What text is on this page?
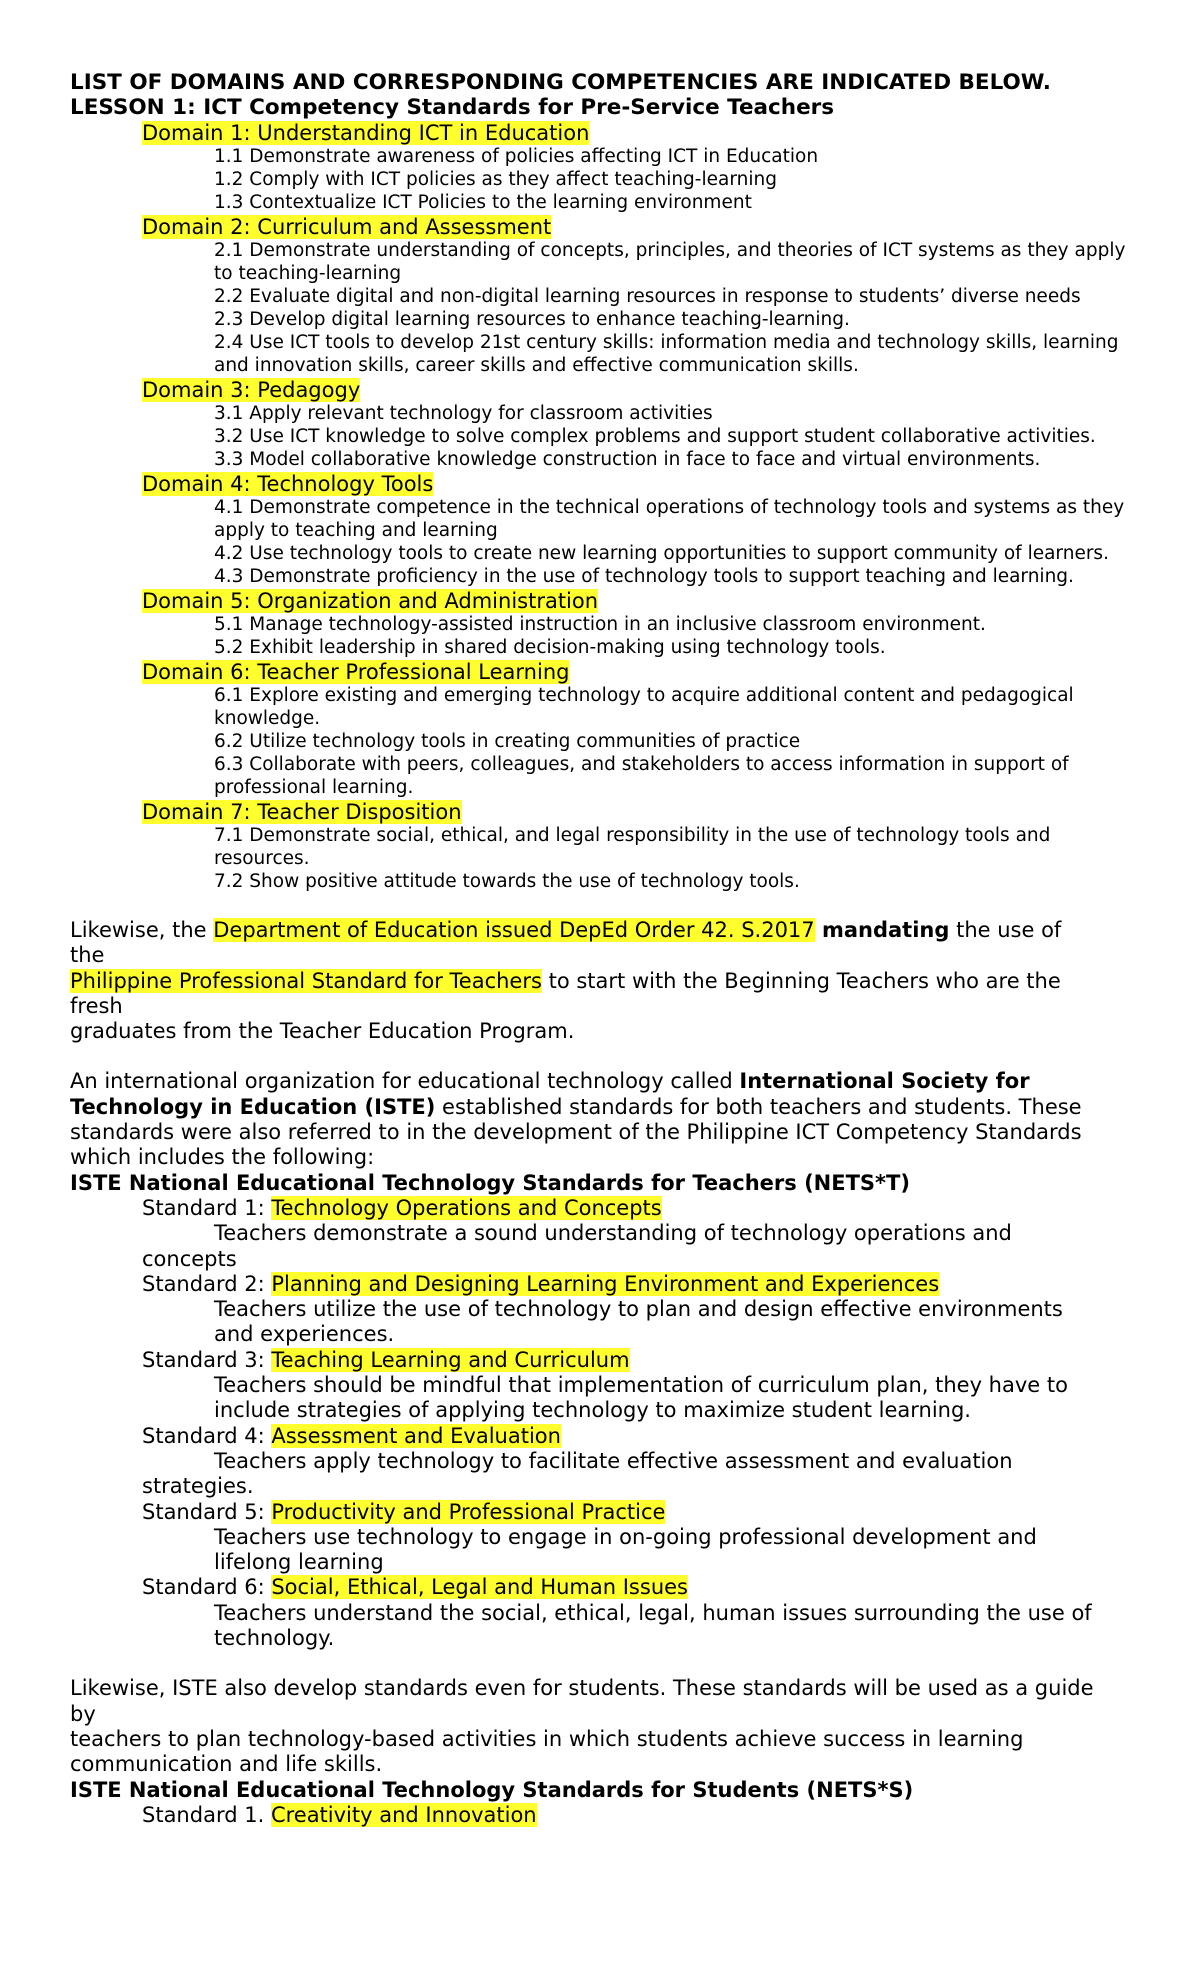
LIST OF DOMAINS AND CORRESPONDING COMPETENCIES ARE INDICATED BELOW.

LESSON 1: ICT Competency Standards for Pre-Service Teachers

Domain 1: Understanding ICT in Education
1.1 Demonstrate awareness of policies affecting ICT in Education
1.2 Comply with ICT policies as they affect teaching-learning
1.3 Contextualize ICT Policies to the learning environment
Domain 2: Curriculum and Assessment
2.1 Demonstrate understanding of concepts, principles, and theories of ICT systems as they apply to teaching-learning
2.2 Evaluate digital and non-digital learning resources in response to students’ diverse needs
2.3 Develop digital learning resources to enhance teaching-learning.
2.4 Use ICT tools to develop 21st century skills: information media and technology skills, learning and innovation skills, career skills and effective communication skills.
Domain 3: Pedagogy
3.1 Apply relevant technology for classroom activities
3.2 Use ICT knowledge to solve complex problems and support student collaborative activities.
3.3 Model collaborative knowledge construction in face to face and virtual environments.
Domain 4: Technology Tools
4.1 Demonstrate competence in the technical operations of technology tools and systems as they apply to teaching and learning
4.2 Use technology tools to create new learning opportunities to support community of learners.
4.3 Demonstrate proficiency in the use of technology tools to support teaching and learning.
Domain 5: Organization and Administration
5.1 Manage technology-assisted instruction in an inclusive classroom environment.
5.2 Exhibit leadership in shared decision-making using technology tools.
Domain 6: Teacher Professional Learning
6.1 Explore existing and emerging technology to acquire additional content and pedagogical knowledge.
6.2 Utilize technology tools in creating communities of practice
6.3 Collaborate with peers, colleagues, and stakeholders to access information in support of professional learning.
Domain 7: Teacher Disposition
7.1 Demonstrate social, ethical, and legal responsibility in the use of technology tools and resources.
7.2 Show positive attitude towards the use of technology tools.
Likewise, the Department of Education issued DepEd Order 42. S.2017 mandating the use of
the
Philippine Professional Standard for Teachers to start with the Beginning Teachers who are the
fresh
graduates from the Teacher Education Program.
An international organization for educational technology called International Society for Technology in Education (ISTE) established standards for both teachers and students. These standards were also referred to in the development of the Philippine ICT Competency Standards which includes the following:
ISTE National Educational Technology Standards for Teachers (NETS*T)
Standard 1: Technology Operations and Concepts
Teachers demonstrate a sound understanding of technology operations and
concepts
Standard 2: Planning and Designing Learning Environment and Experiences
Teachers utilize the use of technology to plan and design effective environments
and experiences.
Standard 3: Teaching Learning and Curriculum
Teachers should be mindful that implementation of curriculum plan, they have to
include strategies of applying technology to maximize student learning.
Standard 4: Assessment and Evaluation
Teachers apply technology to facilitate effective assessment and evaluation
strategies.
Standard 5: Productivity and Professional Practice
Teachers use technology to engage in on-going professional development and
lifelong learning
Standard 6: Social, Ethical, Legal and Human Issues
Teachers understand the social, ethical, legal, human issues surrounding the use of
technology.
Likewise, ISTE also develop standards even for students. These standards will be used as a guide
by
teachers to plan technology-based activities in which students achieve success in learning
communication and life skills.
ISTE National Educational Technology Standards for Students (NETS*S)
Standard 1. Creativity and Innovation
